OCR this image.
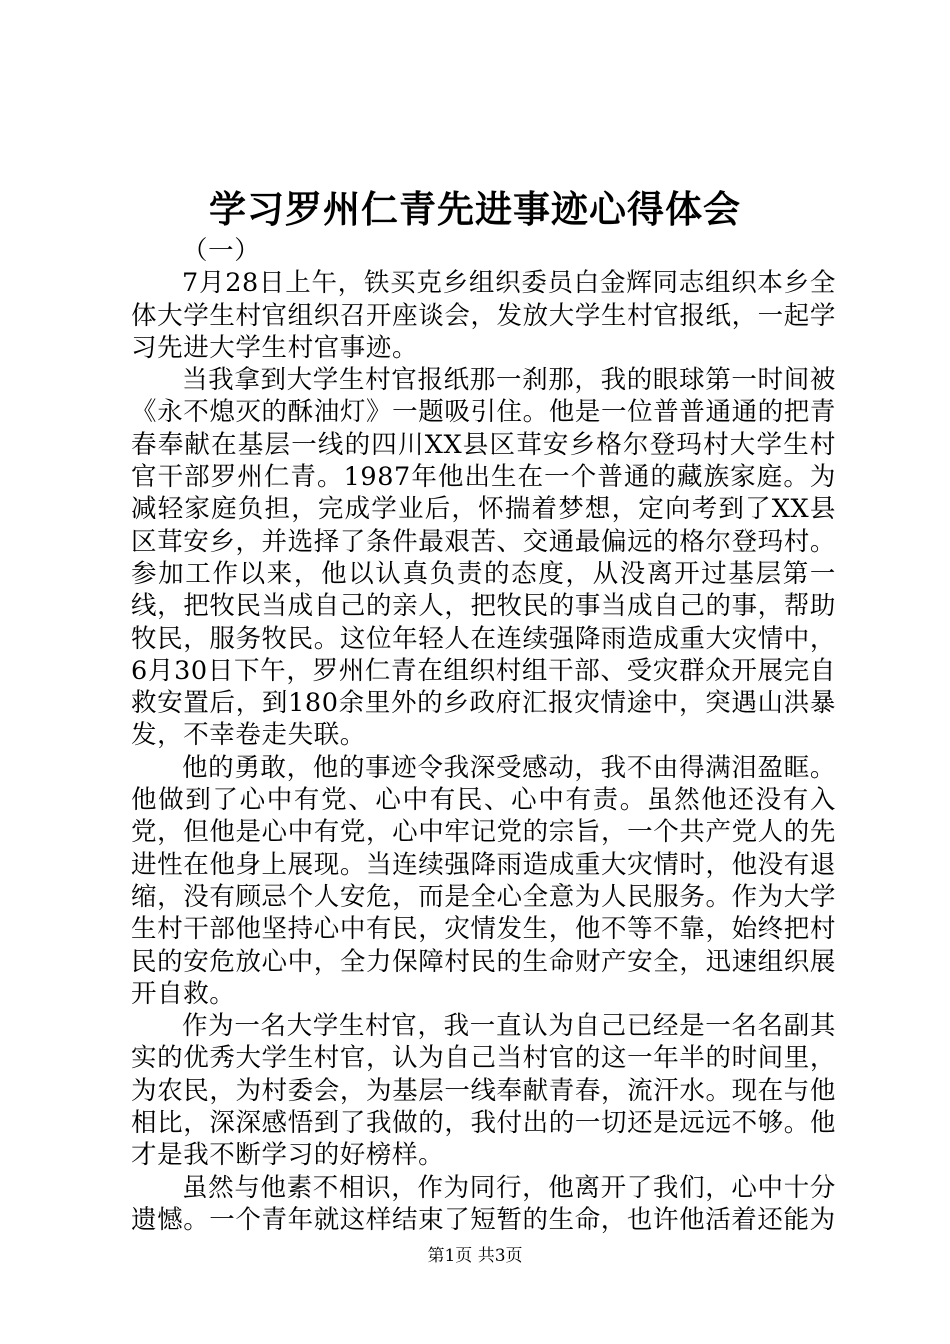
学习罗州仁青先进事迹心得体会

（一）

7月28日上午，铁买克乡组织委员白金辉同志组织本乡全体大学生村官组织召开座谈会，发放大学生村官报纸，一起学习先进大学生村官事迹。

当我拿到大学生村官报纸那一刹那，我的眼球第一时间被《永不熄灭的酥油灯》一题吸引住。他是一位普普通通的把青春奉献在基层一线的四川XX县区茸安乡格尔登玛村大学生村官干部罗州仁青。1987年他出生在一个普通的藏族家庭。为减轻家庭负担，完成学业后，怀揣着梦想，定向考到了XX县区茸安乡，并选择了条件最艰苦、交通最偏远的格尔登玛村。参加工作以来，他以认真负责的态度，从没离开过基层第一线，把牧民当成自己的亲人，把牧民的事当成自己的事，帮助牧民，服务牧民。这位年轻人在连续强降雨造成重大灾情中，6月30日下午，罗州仁青在组织村组干部、受灾群众开展完自救安置后，到180余里外的乡政府汇报灾情途中，突遇山洪暴发，不幸卷走失联。

他的勇敢，他的事迹令我深受感动，我不由得满泪盈眶。他做到了心中有党、心中有民、心中有责。虽然他还没有入党，但他是心中有党，心中牢记党的宗旨，一个共产党人的先进性在他身上展现。当连续强降雨造成重大灾情时，他没有退缩，没有顾忌个人安危，而是全心全意为人民服务。作为大学生村干部他坚持心中有民，灾情发生，他不等不靠，始终把村民的安危放心中，全力保障村民的生命财产安全，迅速组织展开自救。

作为一名大学生村官，我一直认为自己已经是一名名副其实的优秀大学生村官，认为自己当村官的这一年半的时间里，为农民，为村委会，为基层一线奉献青春，流汗水。现在与他相比，深深感悟到了我做的，我付出的一切还是远远不够。他才是我不断学习的好榜样。

虽然与他素不相识，作为同行，他离开了我们，心中十分遗憾。一个青年就这样结束了短暂的生命，也许他活着还能为

第1页 共3页
